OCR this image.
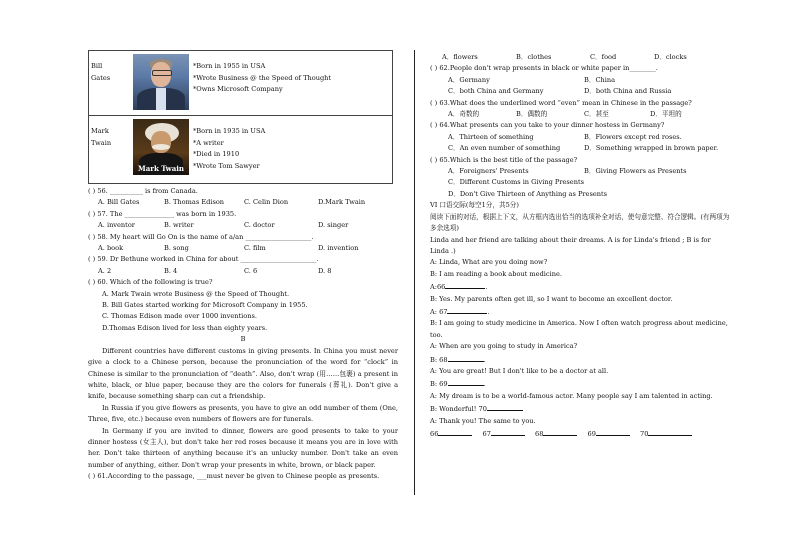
Bill
Gates
*Born in 1955 in USA
*Wrote Business @ the Speed of Thought
*Owns Microsoft Company
Mark
Twain
Mark Twain
*Born in 1935 in USA
*A writer
*Died in 1910
*Wrote Tom Sawyer
( ) 56. __________ is from Canada.
A. Bill Gates	B. Thomas Edison	C. Celin Dion	D.Mark Twain
( ) 57. The _______________ was born in 1935.
A. inventor	B. writer	C. doctor	D. singer
( ) 58. My heart will Go On is the name of a/an ____________________.
A. book	B. song	C. film	D. invention
( ) 59. Dr Bethune worked in China for about _______________________.
A. 2	B. 4	C. 6	D. 8
( ) 60. Which of the following is true?
A. Mark Twain wrote Business @ the Speed of Thought.
B. Bill Gates started working for Microsoft Company in 1955.
C. Thomas Edison made over 1000 inventions.
D.Thomas Edison lived for less than eighty years.
B
Different countries have different customs in giving presents. In China you must never give a clock to a Chinese person, because the pronunciation of the word for “clock” in Chinese is similar to the pronunciation of “death”. Also, don't wrap (用……包裹) a present in white, black, or blue paper, because they are the colors for funerals (葬礼). Don't give a knife, because something sharp can cut a friendship.
In Russia if you give flowers as presents, you have to give an odd number of them (One, Three, five, etc.) because even numbers of flowers are for funerals.
In Germany if you are invited to dinner, flowers are good presents to take to your dinner hostess (女主人), but don't take her red roses because it means you are in love with her. Don't take thirteen of anything because it's an unlucky number. Don't take an even number of anything, either. Don't wrap your presents in white, brown, or black paper.
( ) 61.According to the passage, ___must never be given to Chinese people as presents.
A．flowers	B．clothes	C．food	D．clocks
( ) 62.People don't wrap presents in black or white paper in________.
A．Germany	B．China
C．both China and Germany	D．both China and Russia
( ) 63.What does the underlined word “even” mean in Chinese in the passage?
A．奇数的	B．偶数的	C．甚至	D．平坦的
( ) 64.What presents can you take to your dinner hostess in Germany?
A．Thirteen of something	B．Flowers except red roses.
C．An even number of something	D．Something wrapped in brown paper.
( ) 65.Which is the best title of the passage?
A．Foreigners' Presents	B．Giving Flowers as Presents
C．Different Customs in Giving Presents
D．Don't Give Thirteen of Anything as Presents
VI 口语交际(每空1分，共5分)
阅读下面的对话，根据上下文，从方框内选出恰当的选项补全对话，使句意完整、符合逻辑。(有两项为多余选项)
Linda and her friend are talking about their dreams. A is for Linda's friend ; B is for Linda .)
A: Linda, What are you doing now?
B: I am reading a book about medicine.
A:66	.
B: Yes. My parents often get ill, so I want to become an excellent doctor.
A: 67	.
B: I am going to study medicine in America. Now I often watch progress about medicine, too.
A: When are you going to study in America?
B: 68	.
A: You are great! But I don't like to be a doctor at all.
B: 69	.
A: My dream is to be a world-famous actor. Many people say I am talented in acting.
B: Wonderful! 70
A: Thank you! The same to you.
66	67	68	69	70
